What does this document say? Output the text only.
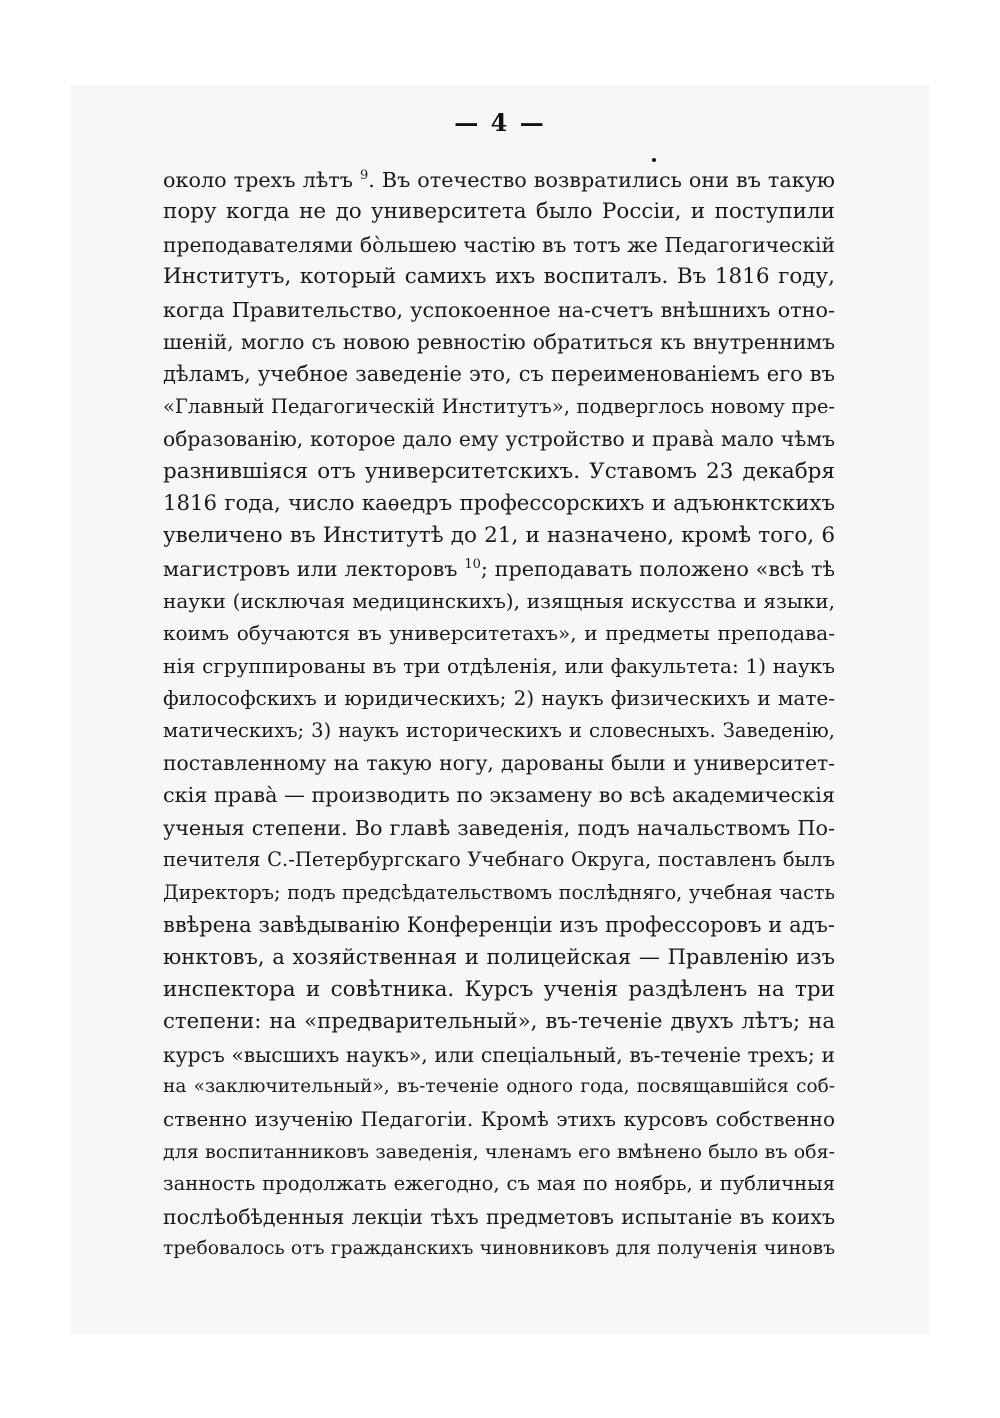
— 4 —
около трехъ лѣтъ $^9$. Въ отечество возвратились они въ такую
пору когда не до университета было Россіи, и поступили
преподавателями бо̀льшею частію въ тотъ же Педагогическій
Институтъ, который самихъ ихъ воспиталъ. Въ 1816 году,
когда Правительство, успокоенное на-счетъ внѣшнихъ отно-
шеній, могло съ новою ревностію обратиться къ внутреннимъ
дѣламъ, учебное заведеніе это, съ переименованіемъ его въ
«Главный Педагогическій Институтъ», подверглось новому пре-
образованію, которое дало ему устройство и права̀ мало чѣмъ
разнившіяся отъ университетскихъ. Уставомъ 23 декабря
1816 года, число каѳедръ профессорскихъ и адъюнктскихъ
увеличено въ Институтѣ до 21, и назначено, кромѣ того, 6
магистровъ или лекторовъ $^{10}$; преподавать положено «всѣ тѣ
науки (исключая медицинскихъ), изящныя искусства и языки,
коимъ обучаются въ университетахъ», и предметы преподава-
нія сгруппированы въ три отдѣленія, или факультета: 1) наукъ
философскихъ и юридическихъ; 2) наукъ физическихъ и мате-
матическихъ; 3) наукъ историческихъ и словесныхъ. Заведенію,
поставленному на такую ногу, дарованы были и университет-
скія права̀ — производить по экзамену во всѣ академическія
ученыя степени. Во главѣ заведенія, подъ начальствомъ По-
печителя С.-Петербургскаго Учебнаго Округа, поставленъ былъ
Директоръ; подъ предсѣдательствомъ послѣдняго, учебная часть
ввѣрена завѣдыванію Конференціи изъ профессоровъ и адъ-
юнктовъ, а хозяйственная и полицейская — Правленію изъ
инспектора и совѣтника. Курсъ ученія раздѣленъ на три
степени: на «предварительный», въ-теченіе двухъ лѣтъ; на
курсъ «высшихъ наукъ», или спеціальный, въ-теченіе трехъ; и
на «заключительный», въ-теченіе одного года, посвящавшійся соб-
ственно изученію Педагогіи. Кромѣ этихъ курсовъ собственно
для воспитанниковъ заведенія, членамъ его вмѣнено было въ обя-
занность продолжать ежегодно, съ мая по ноябрь, и публичныя
послѣобѣденныя лекціи тѣхъ предметовъ испытаніе въ коихъ
требовалось отъ гражданскихъ чиновниковъ для полученія чиновъ
